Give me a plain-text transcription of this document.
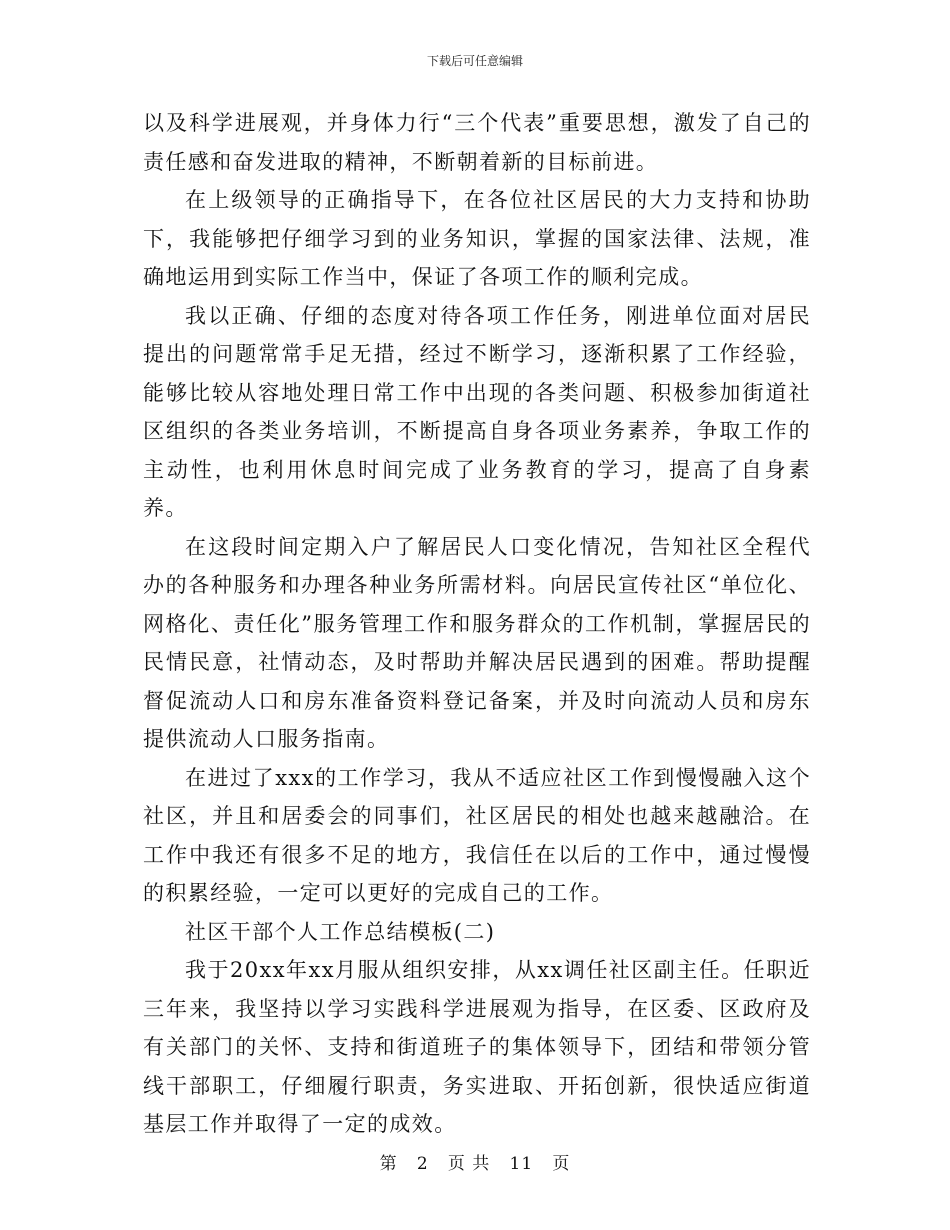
下载后可任意编辑

以及科学进展观，并身体力行“三个代表”重要思想，激发了自己的责任感和奋发进取的精神，不断朝着新的目标前进。

在上级领导的正确指导下，在各位社区居民的大力支持和协助下，我能够把仔细学习到的业务知识，掌握的国家法律、法规，准确地运用到实际工作当中，保证了各项工作的顺利完成。

我以正确、仔细的态度对待各项工作任务，刚进单位面对居民提出的问题常常手足无措，经过不断学习，逐渐积累了工作经验，能够比较从容地处理日常工作中出现的各类问题、积极参加街道社区组织的各类业务培训，不断提高自身各项业务素养，争取工作的主动性，也利用休息时间完成了业务教育的学习，提高了自身素养。

在这段时间定期入户了解居民人口变化情况，告知社区全程代办的各种服务和办理各种业务所需材料。向居民宣传社区“单位化、网格化、责任化”服务管理工作和服务群众的工作机制，掌握居民的民情民意，社情动态，及时帮助并解决居民遇到的困难。帮助提醒督促流动人口和房东准备资料登记备案，并及时向流动人员和房东提供流动人口服务指南。

在进过了xxx的工作学习，我从不适应社区工作到慢慢融入这个社区，并且和居委会的同事们，社区居民的相处也越来越融洽。在工作中我还有很多不足的地方，我信任在以后的工作中，通过慢慢的积累经验，一定可以更好的完成自己的工作。

社区干部个人工作总结模板(二)

我于20xx年xx月服从组织安排，从xx调任社区副主任。任职近三年来，我坚持以学习实践科学进展观为指导，在区委、区政府及有关部门的关怀、支持和街道班子的集体领导下，团结和带领分管线干部职工，仔细履行职责，务实进取、开拓创新，很快适应街道基层工作并取得了一定的成效。

第 2 页 共 11 页
